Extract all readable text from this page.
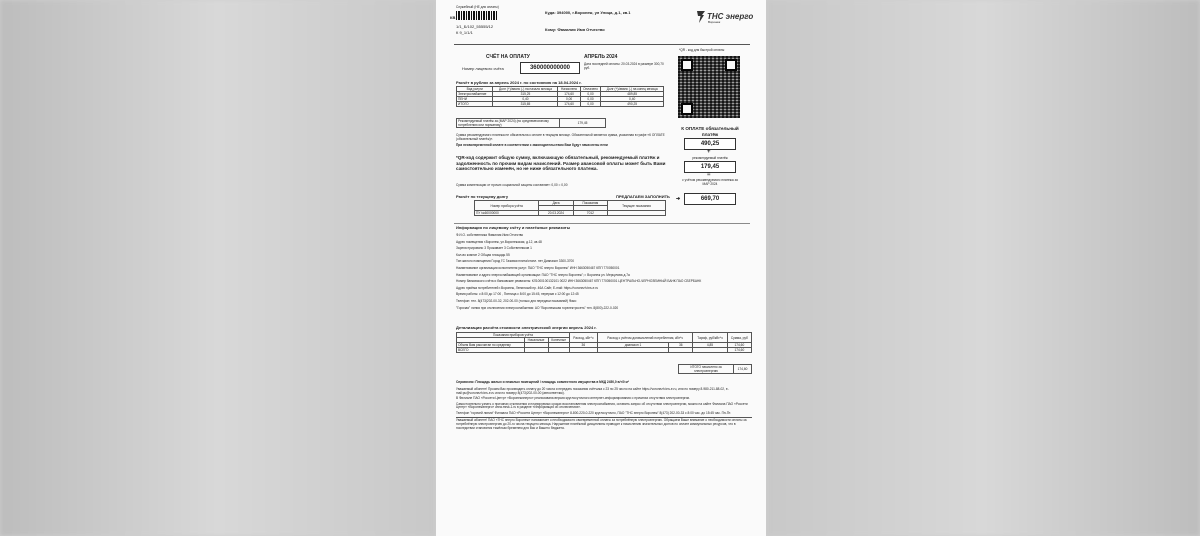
Служебный (НЕ для оплаты)
КВ
1/1_Б/102_55555/12
К 9_1/1/1
Куда: 394000, г.Воронеж, ул Улица, д.1, кв.1
Кому: Фамилия Имя Отчество
ТНС энерго
Воронеж
СЧЁТ НА ОПЛАТУ	АПРЕЛЬ 2024
Номер лицевого счёта	360000000000
Дата последней оплаты: 20.03.2024 в размере 300,70 руб.
*QR - код для быстрой оплаты
Расчёт в рублях за апрель 2024 г. по состоянию на 18.04.2024 г.
Вид услуги	Долг (+)/аванс (-) на начало месяца	Начислено	Оплачено	Долг (+)/аванс (-) на конец месяца
Электроснабжение	315,25	174,60	0,00	489,85
ПЕНИ	0,40	0,00	0,00	0,40
ИТОГО	315,65	174,60	0,00	490,25
Рекомендуемый платёж за (МАР 2024) (по среднемесячному потреблению или нормативу)	179,45
Сумма рекомендуемого платежа не обязательна к оплате в текущем месяце. Обязательной является сумма, указанная в графе «К ОПЛАТЕ (обязательный платёж)».
При несвоевременной оплате в соответствии с законодательством Вам будут начислены пени
*QR-код содержит общую сумму, включающую обязательный, рекомендуемый платёж и задолженность по прочим видам начислений. Размер авансовой оплаты может быть Вами самостоятельно изменён, но не ниже обязательного платежа.
Сумма компенсации от прочих социальной защиты составляет: 0,00 = 0,00
К ОПЛАТЕ обязательный платёж
490,25
+
рекомендуемый платёж
179,45
=
с учётом рекомендуемого платежа за МАР 2024
669,70
Расчёт по текущему долгу	ПРЕДЛАГАЕМ ЗАПОЛНИТЬ ➔
Номер прибора учёта	Дата	Показания	Текущие показания

ПУ №60000000	20.03.2024	7012	
Информация по лицевому счёту и платёжные реквизиты
Ф.И.О. собственника Фамилия Имя Отчество
Адрес помещения г.Воронеж, ул.Воронежская, д.12, кв.48
Зарегистрировано 3 Проживает 3 Собственников 1
Кол-во комнат 2 Общая площадь 55
Тип жилого помещения Город ГС Газовая плита/отопл. нет Диапазон 3300-3700
Наименование организации исполнителя услуг: ПАО "ТНС энерго Воронеж" ИНН 3663050467 КПП 770050001
Наименование и адрес энергоснабжающей организации: ПАО "ТНС энерго Воронеж"; г. Воронеж ул. Меркулова д.7а
Номер банковского счёта и банковские реквизиты: КЛ1000100132101 0022 ИНН 3663050467 КПП 770050001 ЦЕНТРАЛЬНО-ЧЕРНОЗЕМНЫЙ БАНК ПАО СБЕРБАНК
Адрес приёма потребителей г.Воронеж, Ленинский пр. 46А Сайт, E-mail: https://voronezh.tns-e.ru
Время работы: с 8:00 до 17:00 , Пятница с 8:00 до 15:45, перерыв с 12:00 до 12:45
Телефон: тел. 8(473)202-00-32, 202-00-00 (только для передачи показаний) Факс:
"Горячая" линия при отключении электроснабжения: АО "Воронежская горэлектросеть" тел. 8(800)-222-0-020
Детализация расчёта стоимости электрической энергии апрель 2024 г.
Показания приборов учёта			Расход, кВт*ч	Расход с учётом доначислений потребления, кВт*ч		Тариф, руб/кВт*ч	Сумма, руб
	Начальные	Конечные					
Объем Вам рассчитан по среднему			36	диапазон 1	36	4,85	174,60
ВСЕГО							174,60
ИТОГО начислено за электроэнергию	174,60
Справочно: Площадь жилых и нежилых помещений / площадь совместного имущества в МКД 2450,0 в/т/0 м²
Уважаемый абонент! Просим Вас производить оплату до 20 числа и передать показания счётчика с 23 по 25 число на сайте https://voronezh.tns-e.ru, или по номеру 8-980-211-88-02, e-mail:pu@voronezh.tns-e.ru или по номеру 8(473)202-00-00 (автоответчик).
В Филиале ПАО «Россети Центр» «Воронежэнерго» реализована версия круглосуточного интернет-информирования о причинах отсутствия электроэнергии.
Самостоятельно узнать о причинах отключения и планируемых сроках восстановления электроснабжения, оставить запрос об отсутствии электроэнергии, можно на сайте Филиала ПАО «Россети Центр» «Воронежэнерго» www.mrsk-1.ru в разделе «Информация об отключениях».
Телефон "горячей линии" Филиала ПАО «Россети Центр» «Воронежэнерго» 8-800-220-0-220 круглосуточно, ПАО "ТНС энерго Воронеж" 8(473) 202-00-33 с 8:00 час. до 15:45 час. Пн-Пт.
Уважаемый абонент! ПАО «ТНС энерго Воронеж» напоминает о необходимости своевременной оплаты за потреблённую электроэнергию. Обращаем Ваше внимание о необходимости оплаты за потреблённую электроэнергию до 20-го числа текущего месяца. Нарушение платёжной дисциплины приводит к начислению значительных долгов по оплате коммунальных ресурсов, что в последствии становится тяжёлым бременем для Вас и Вашего бюджета.
